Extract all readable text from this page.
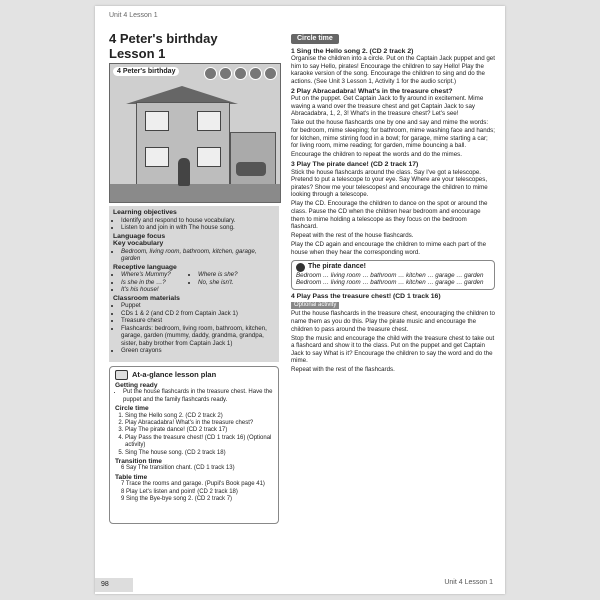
Unit 4 Lesson 1
4 Peter's birthday
Lesson 1
4 Peter's birthday
Learning objectives
• Identify and respond to house vocabulary.
• Listen to and join in with The house song.
Language focus
Key vocabulary
• Bedroom, living room, bathroom, kitchen, garage, garden
Receptive language
• Where's Mummy?	• Where is she?
• Is she in the …?	• No, she isn't.
• It's his house!
Classroom materials
• Puppet
• CDs 1 & 2 (and CD 2 from Captain Jack 1)
• Treasure chest
• Flashcards: bedroom, living room, bathroom, kitchen, garage, garden (mummy, daddy, grandma, grandpa, sister, baby brother from Captain Jack 1)
• Green crayons
At-a-glance lesson plan
Getting ready
• Put the house flashcards in the treasure chest. Have the puppet and the family flashcards ready.
Circle time
1. Sing the Hello song 2. (CD 2 track 2)
2. Play Abracadabra! What's in the treasure chest?
3. Play The pirate dance! (CD 2 track 17)
4. Play Pass the treasure chest! (CD 1 track 16) (Optional activity)
5. Sing The house song. (CD 2 track 18)
Transition time
6 Say The transition chant. (CD 1 track 13)
Table time
7 Trace the rooms and garage. (Pupil's Book page 41)
8 Play Let's listen and point! (CD 2 track 18)
9 Sing the Bye-bye song 2. (CD 2 track 7)
98	Unit 4 Lesson 1
Circle time
1 Sing the Hello song 2. (CD 2 track 2)

Organise the children into a circle. Put on the Captain Jack puppet and get him to say Hello, pirates! Encourage the children to say Hello! Play the karaoke version of the song. Encourage the children to sing and do the actions. (See Unit 3 Lesson 1, Activity 1 for the audio script.)

2 Play Abracadabra! What's in the treasure chest?

Put on the puppet. Get Captain Jack to fly around in excitement. Mime waving a wand over the treasure chest and get Captain Jack to say Abracadabra, 1, 2, 3! What's in the treasure chest? Let's see!

Take out the house flashcards one by one and say and mime the words: for bedroom, mime sleeping; for bathroom, mime washing face and hands; for kitchen, mime stirring food in a bowl; for garage, mime starting a car; for living room, mime reading; for garden, mime bouncing a ball.

Encourage the children to repeat the words and do the mimes.

3 Play The pirate dance! (CD 2 track 17)

Stick the house flashcards around the class. Say I've got a telescope. Pretend to put a telescope to your eye. Say Where are your telescopes, pirates? Show me your telescopes! and encourage the children to mime looking through a telescope.

Play the CD. Encourage the children to dance on the spot or around the class. Pause the CD when the children hear bedroom and encourage them to mime holding a telescope as they focus on the bedroom flashcard.

Repeat with the rest of the house flashcards.

Play the CD again and encourage the children to mime each part of the house when they hear the corresponding word.

The pirate dance!
Bedroom … living room … bathroom … kitchen … garage … garden
Bedroom … living room … bathroom … kitchen … garage … garden
4 Play Pass the treasure chest! (CD 1 track 16)
Optional activity

Put the house flashcards in the treasure chest, encouraging the children to name them as you do this. Play the pirate music and encourage the children to pass around the treasure chest.

Stop the music and encourage the child with the treasure chest to take out a flashcard and show it to the class. Put on the puppet and get Captain Jack to say What is it? Encourage the children to say the word and do the mime.

Repeat with the rest of the flashcards.
